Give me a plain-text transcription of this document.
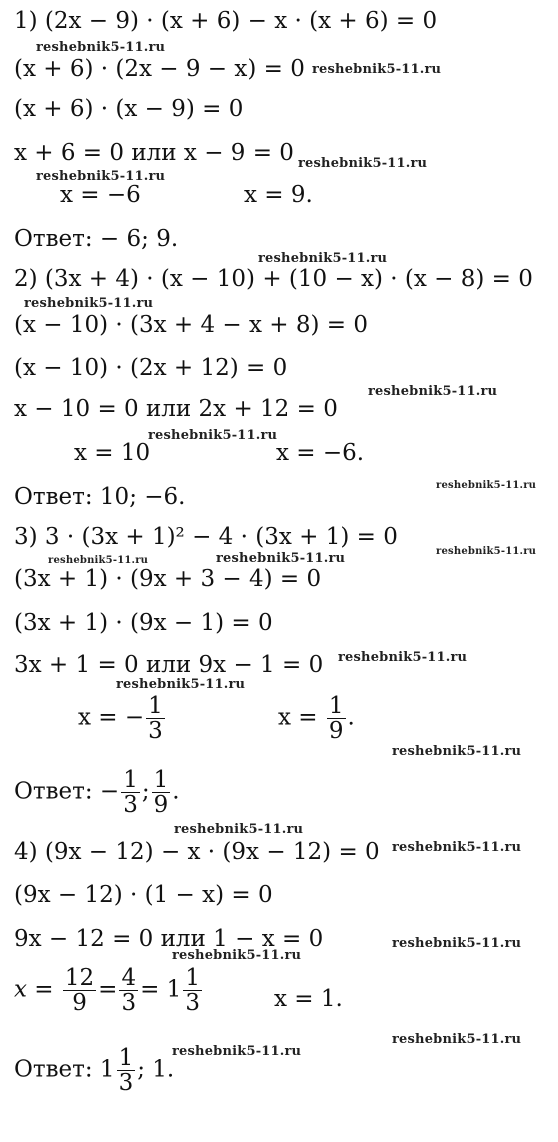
1) (2x − 9) · (x + 6) − x · (x + 6) = 0
reshebnik5-11.ru
(x + 6) · (2x − 9 − x) = 0 reshebnik5-11.ru
(x + 6) · (x − 9) = 0
x + 6 = 0 или x − 9 = 0 reshebnik5-11.ru
reshebnik5-11.ru
x = −6	x = 9.
Ответ: − 6; 9.
reshebnik5-11.ru
2) (3x + 4) · (x − 10) + (10 − x) · (x − 8) = 0
reshebnik5-11.ru
(x − 10) · (3x + 4 − x + 8) = 0
(x − 10) · (2x + 12) = 0
reshebnik5-11.ru
x − 10 = 0 или 2x + 12 = 0
reshebnik5-11.ru
x = 10	x = −6.
reshebnik5-11.ru
Ответ: 10; −6.
3) 3 · (3x + 1)² − 4 · (3x + 1) = 0
reshebnik5-11.ru
reshebnik5-11.ru	reshebnik5-11.ru
(3x + 1) · (9x + 3 − 4) = 0
(3x + 1) · (9x − 1) = 0
reshebnik5-11.ru
3x + 1 = 0 или 9x − 1 = 0
reshebnik5-11.ru
x = − $\frac{1}{3}$	$x = \frac{1}{9}$ .
reshebnik5-11.ru
Ответ: − $\frac{1}{3}$ ; $\frac{1}{9}$ .
reshebnik5-11.ru
4) (9x − 12) − x · (9x − 12) = 0 reshebnik5-11.ru
(9x − 12) · (1 − x) = 0
9x − 12 = 0 или 1 − x = 0	reshebnik5-11.ru
reshebnik5-11.ru
$x = \frac{12}{9} = \frac{4}{3} = 1 \frac{1}{3}$	x = 1.
reshebnik5-11.ru
reshebnik5-11.ru
Ответ: $1 \frac{1}{3}$ ; 1.
